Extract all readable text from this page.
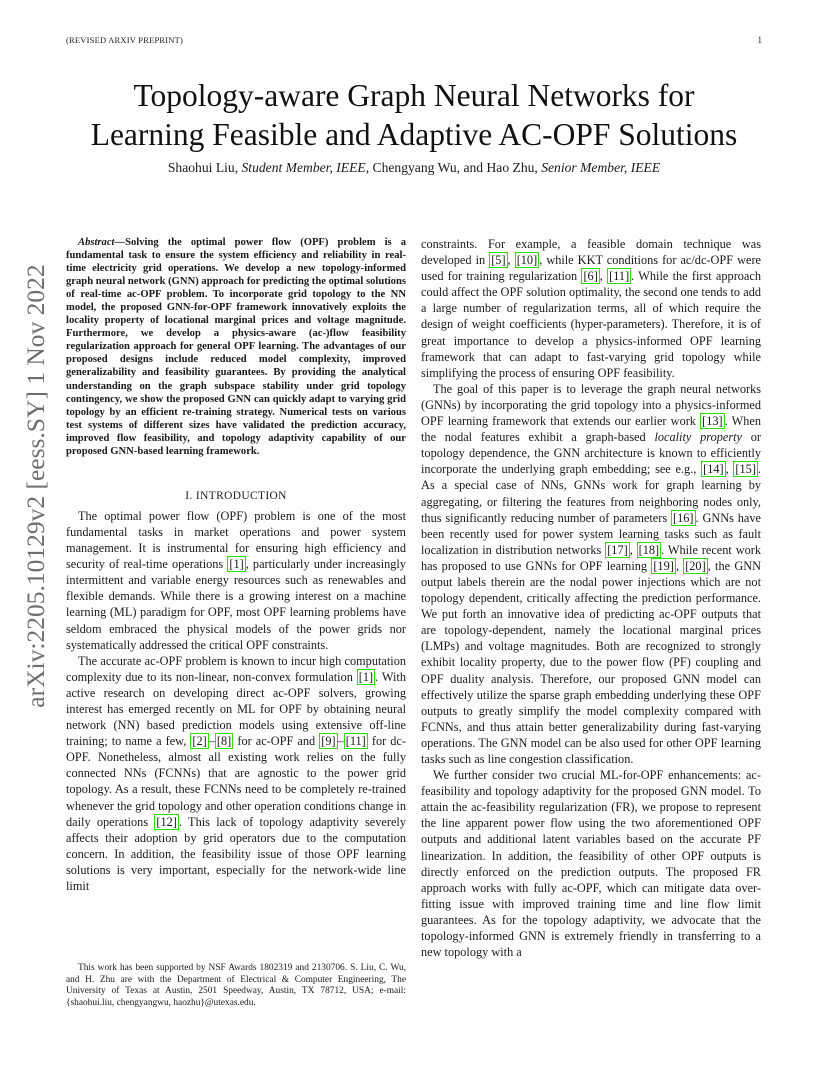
(REVISED ARXIV PREPRINT)	1
arXiv:2205.10129v2 [eess.SY] 1 Nov 2022
Topology-aware Graph Neural Networks for
Learning Feasible and Adaptive AC-OPF Solutions
Shaohui Liu, Student Member, IEEE, Chengyang Wu, and Hao Zhu, Senior Member, IEEE

Abstract—Solving the optimal power flow (OPF) problem is a fundamental task to ensure the system efficiency and reliability in real-time electricity grid operations. We develop a new topology-informed graph neural network (GNN) approach for predicting the optimal solutions of real-time ac-OPF problem. To incorporate grid topology to the NN model, the proposed GNN-for-OPF framework innovatively exploits the locality property of locational marginal prices and voltage magnitude. Furthermore, we develop a physics-aware (ac-)flow feasibility regularization approach for general OPF learning. The advantages of our proposed designs include reduced model complexity, improved generalizability and feasibility guarantees. By providing the analytical understanding on the graph subspace stability under grid topology contingency, we show the proposed GNN can quickly adapt to varying grid topology by an efficient re-training strategy. Numerical tests on various test systems of different sizes have validated the prediction accuracy, improved flow feasibility, and topology adaptivity capability of our proposed GNN-based learning framework.

I. INTRODUCTION

The optimal power flow (OPF) problem is one of the most fundamental tasks in market operations and power system management. It is instrumental for ensuring high efficiency and security of real-time operations [1] , particularly under increasingly intermittent and variable energy resources such as renewables and flexible demands. While there is a growing interest on a machine learning (ML) paradigm for OPF, most OPF learning problems have seldom embraced the physical models of the power grids nor systematically addressed the critical OPF constraints.

The accurate ac-OPF problem is known to incur high computation complexity due to its non-linear, non-convex formulation [1] . With active research on developing direct ac-OPF solvers, growing interest has emerged recently on ML for OPF by obtaining neural network (NN) based prediction models using extensive off-line training; to name a few, [2] – [8] for ac-OPF and [9] – [11] for dc-OPF. Nonetheless, almost all existing work relies on the fully connected NNs (FCNNs) that are agnostic to the power grid topology. As a result, these FCNNs need to be completely re-trained whenever the grid topology and other operation conditions change in daily operations [12] . This lack of topology adaptivity severely affects their adoption by grid operators due to the computation concern. In addition, the feasibility issue of those OPF learning solutions is very important, especially for the network-wide line limit

This work has been supported by NSF Awards 1802319 and 2130706. S. Liu, C. Wu, and H. Zhu are with the Department of Electrical & Computer Engineering, The University of Texas at Austin, 2501 Speedway, Austin, TX 78712, USA; e-mail: {shaohui.liu, chengyangwu, haozhu}@utexas.edu.

constraints. For example, a feasible domain technique was developed in [5] , [10] , while KKT conditions for ac/dc-OPF were used for training regularization [6] , [11] . While the first approach could affect the OPF solution optimality, the second one tends to add a large number of regularization terms, all of which require the design of weight coefficients (hyper-parameters). Therefore, it is of great importance to develop a physics-informed OPF learning framework that can adapt to fast-varying grid topology while simplifying the process of ensuring OPF feasibility.

The goal of this paper is to leverage the graph neural networks (GNNs) by incorporating the grid topology into a physics-informed OPF learning framework that extends our earlier work [13] . When the nodal features exhibit a graph-based locality property or topology dependence, the GNN architecture is known to efficiently incorporate the underlying graph embedding; see e.g., [14] , [15] . As a special case of NNs, GNNs work for graph learning by aggregating, or filtering the features from neighboring nodes only, thus significantly reducing number of parameters [16] . GNNs have been recently used for power system learning tasks such as fault localization in distribution networks [17] , [18] . While recent work has proposed to use GNNs for OPF learning [19] , [20] , the GNN output labels therein are the nodal power injections which are not topology dependent, critically affecting the prediction performance. We put forth an innovative idea of predicting ac-OPF outputs that are topology-dependent, namely the locational marginal prices (LMPs) and voltage magnitudes. Both are recognized to strongly exhibit locality property, due to the power flow (PF) coupling and OPF duality analysis. Therefore, our proposed GNN model can effectively utilize the sparse graph embedding underlying these OPF outputs to greatly simplify the model complexity compared with FCNNs, and thus attain better generalizability during fast-varying operations. The GNN model can be also used for other OPF learning tasks such as line congestion classification.

We further consider two crucial ML-for-OPF enhancements: ac-feasibility and topology adaptivity for the proposed GNN model. To attain the ac-feasibility regularization (FR), we propose to represent the line apparent power flow using the two aforementioned OPF outputs and additional latent variables based on the accurate PF linearization. In addition, the feasibility of other OPF outputs is directly enforced on the prediction outputs. The proposed FR approach works with fully ac-OPF, which can mitigate data over-fitting issue with improved training time and line flow limit guarantees. As for the topology adaptivity, we advocate that the topology-informed GNN is extremely friendly in transferring to a new topology with a
